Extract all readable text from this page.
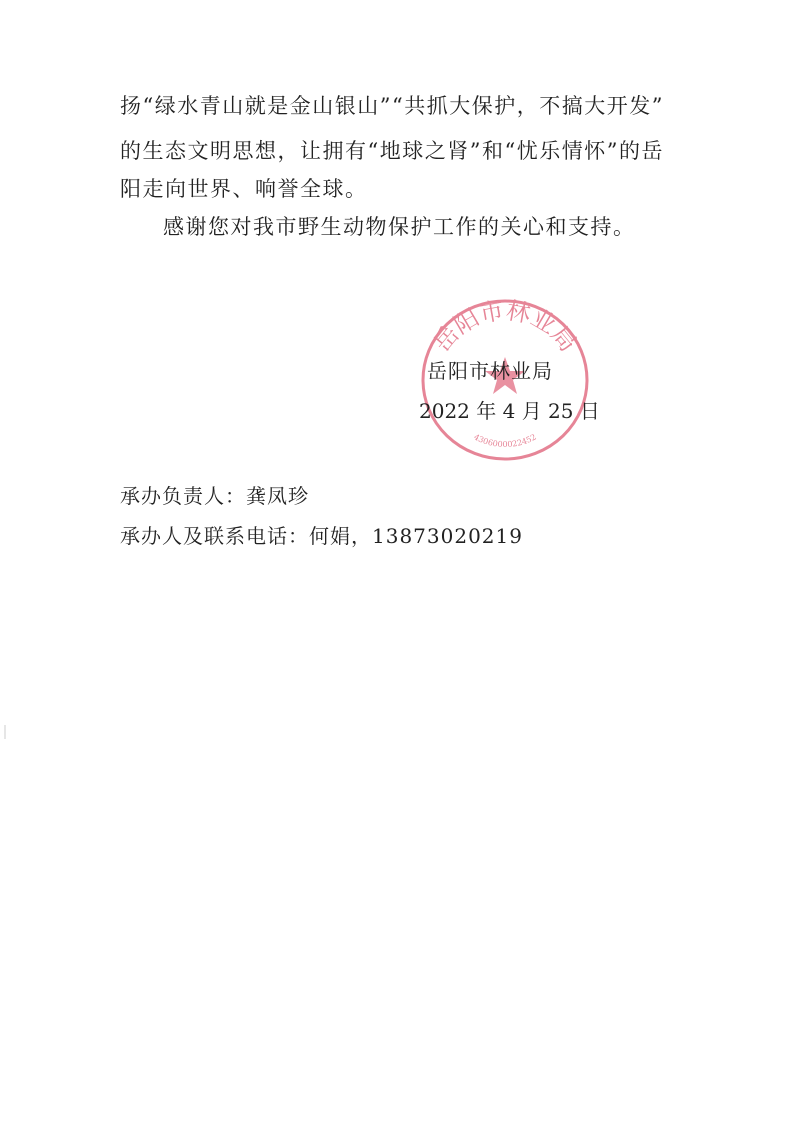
扬“绿水青山就是金山银山”“共抓大保护，不搞大开发”
的生态文明思想，让拥有“地球之肾”和“忧乐情怀”的岳
阳走向世界、响誉全球。
感谢您对我市野生动物保护工作的关心和支持。
岳阳市林业局
4306000022452
岳阳市林业局
2022 年 4 月 25 日
承办负责人：龚凤珍
承办人及联系电话：何娟，13873020219
